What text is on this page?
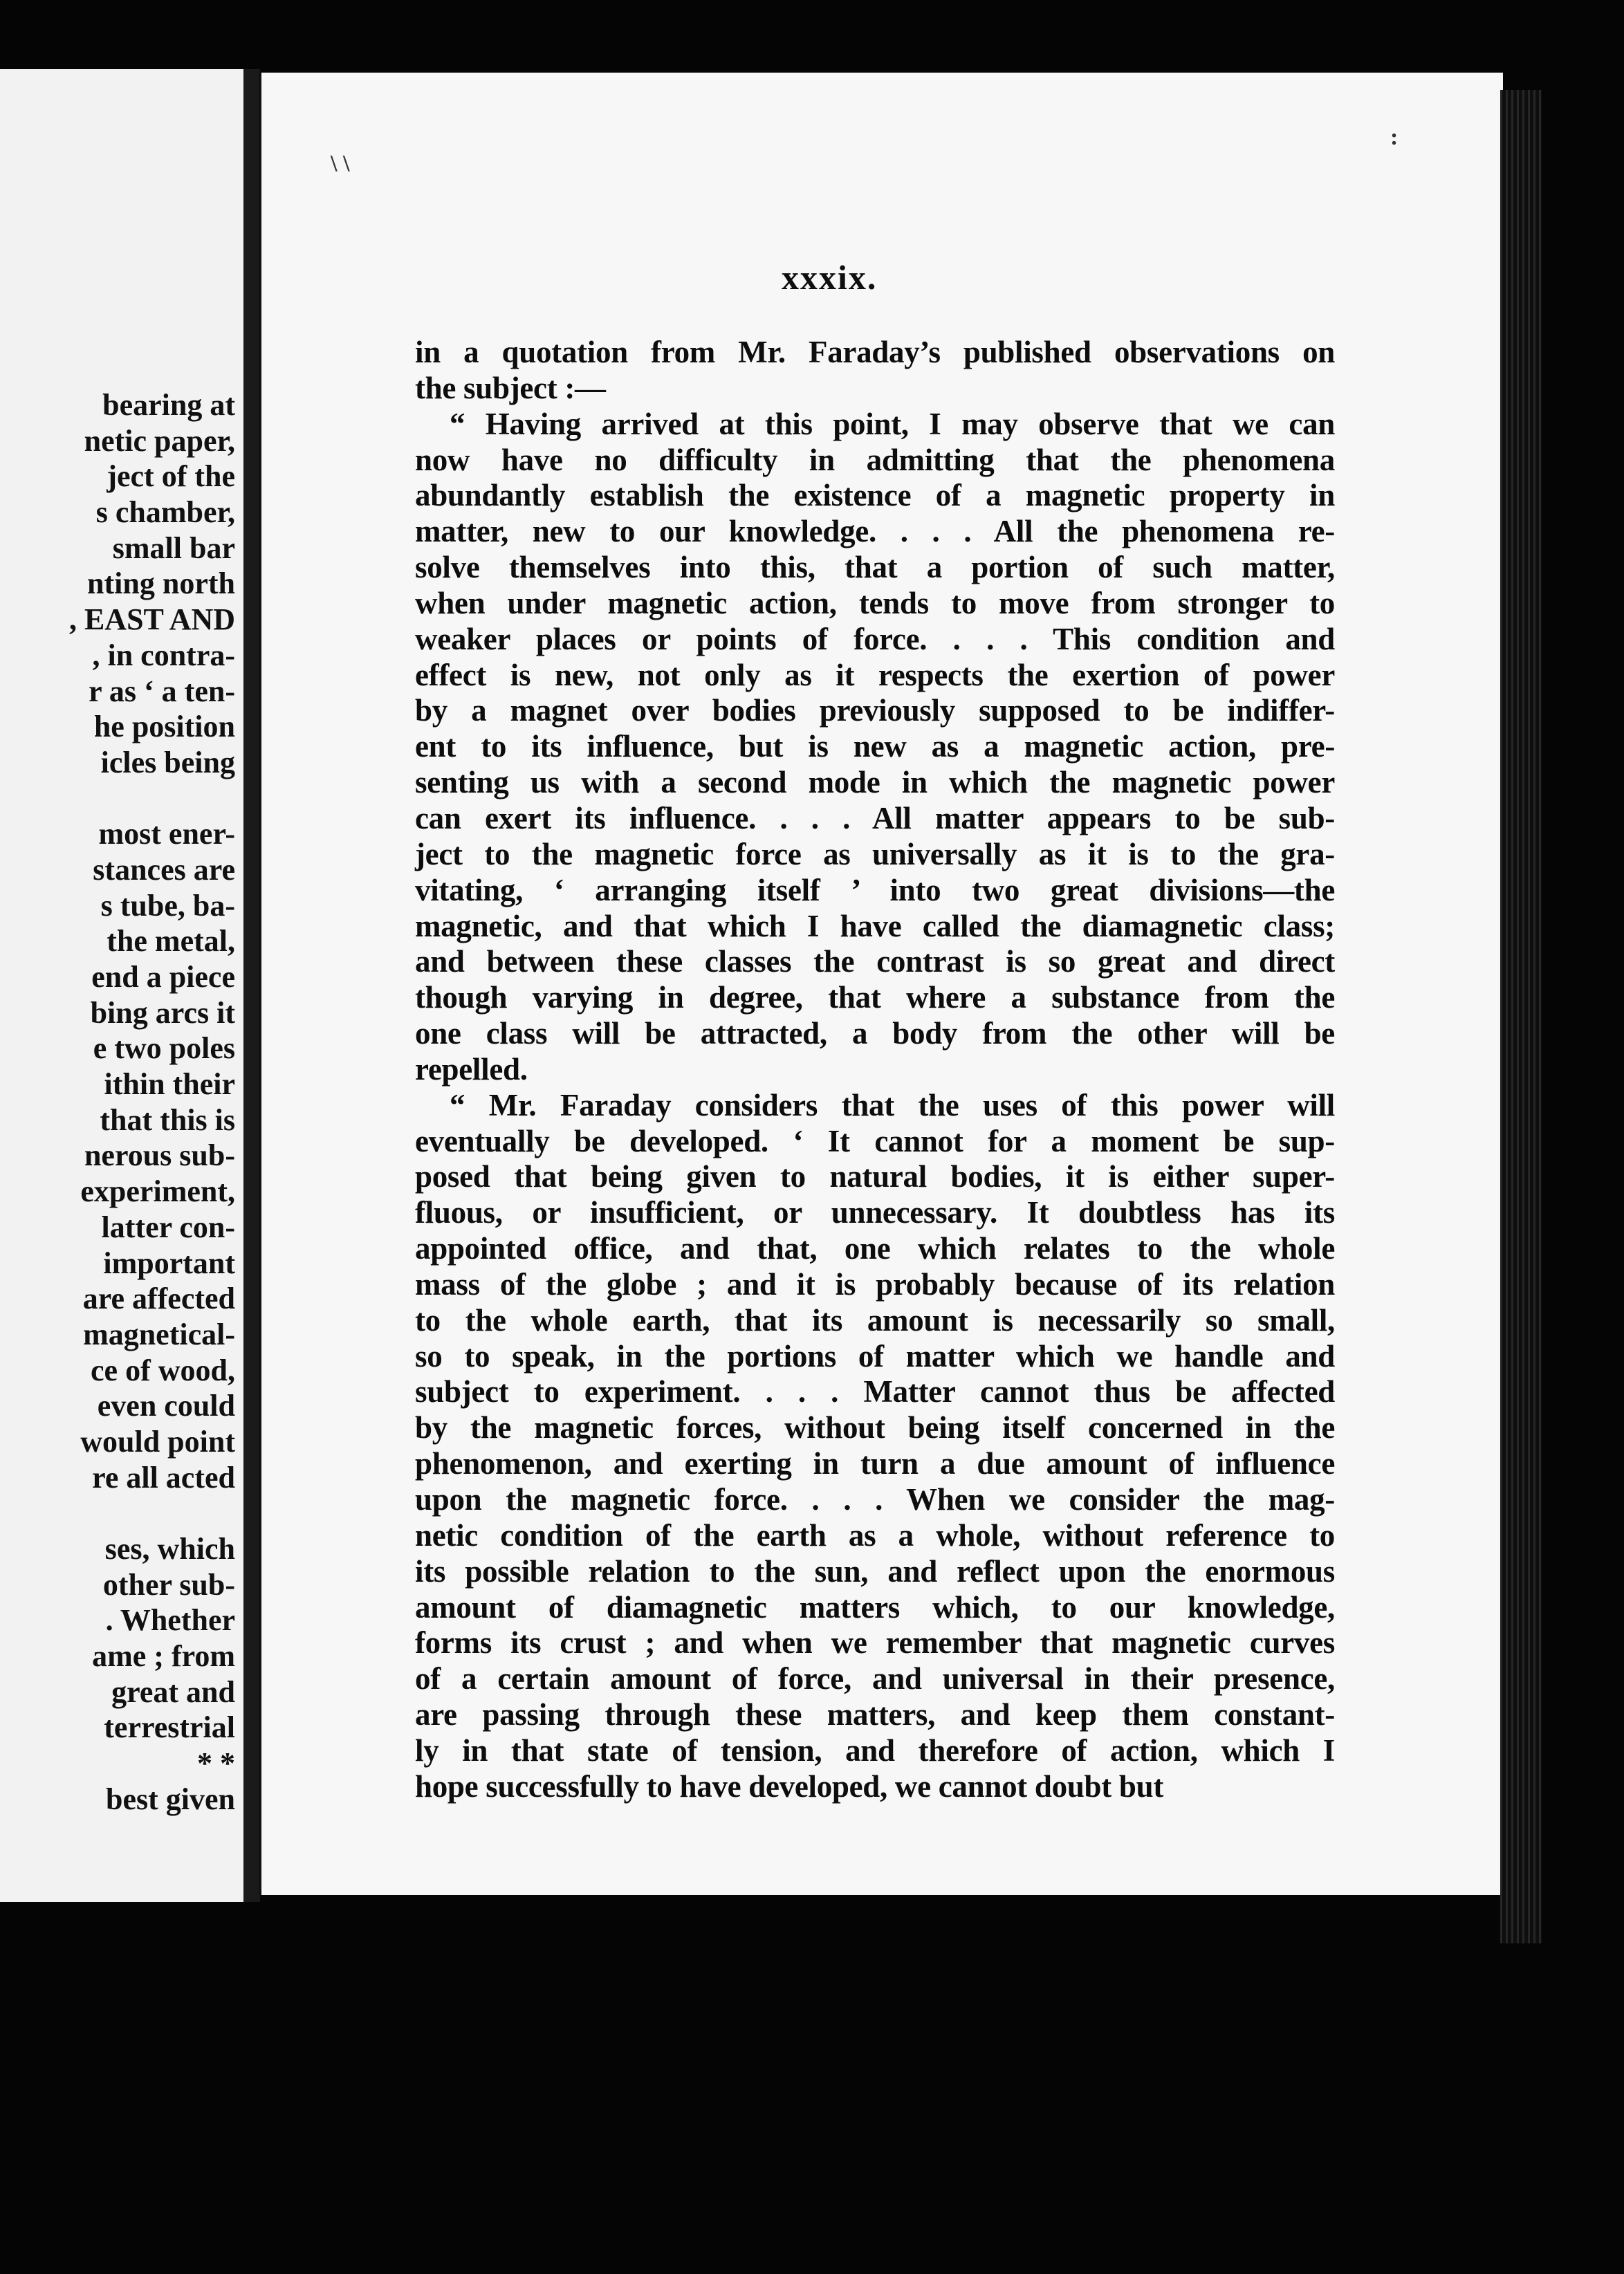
bearing at
netic paper,
ject of the
s chamber,
small bar
nting north
, EAST AND
, in contra-
r as ‘ a ten-
he position
icles being
most ener-
stances are
s tube, ba-
the metal,
end a piece
bing arcs it
e two poles
ithin their
that this is
nerous sub-
experiment,
latter con-
important
are affected
magnetical-
ce of wood,
even could
would point
re all acted
ses, which
other sub-
. Whether
ame ; from
great and
terrestrial
* *
best given
xxxix.
in a quotation from Mr. Faraday’s published observations on
the subject :—
“ Having arrived at this point, I may observe that we can
now have no difficulty in admitting that the phenomena
abundantly establish the existence of a magnetic property in
matter, new to our knowledge. . . . All the phenomena re-
solve themselves into this, that a portion of such matter,
when under magnetic action, tends to move from stronger to
weaker places or points of force. . . . This condition and
effect is new, not only as it respects the exertion of power
by a magnet over bodies previously supposed to be indiffer-
ent to its influence, but is new as a magnetic action, pre-
senting us with a second mode in which the magnetic power
can exert its influence. . . . All matter appears to be sub-
ject to the magnetic force as universally as it is to the gra-
vitating, ‘ arranging itself ’ into two great divisions—the
magnetic, and that which I have called the diamagnetic class;
and between these classes the contrast is so great and direct
though varying in degree, that where a substance from the
one class will be attracted, a body from the other will be
repelled.
“ Mr. Faraday considers that the uses of this power will
eventually be developed. ‘ It cannot for a moment be sup-
posed that being given to natural bodies, it is either super-
fluous, or insufficient, or unnecessary. It doubtless has its
appointed office, and that, one which relates to the whole
mass of the globe ; and it is probably because of its relation
to the whole earth, that its amount is necessarily so small,
so to speak, in the portions of matter which we handle and
subject to experiment. . . . Matter cannot thus be affected
by the magnetic forces, without being itself concerned in the
phenomenon, and exerting in turn a due amount of influence
upon the magnetic force. . . . When we consider the mag-
netic condition of the earth as a whole, without reference to
its possible relation to the sun, and reflect upon the enormous
amount of diamagnetic matters which, to our knowledge,
forms its crust ; and when we remember that magnetic curves
of a certain amount of force, and universal in their presence,
are passing through these matters, and keep them constant-
ly in that state of tension, and therefore of action, which I
hope successfully to have developed, we cannot doubt but
\ \
:
